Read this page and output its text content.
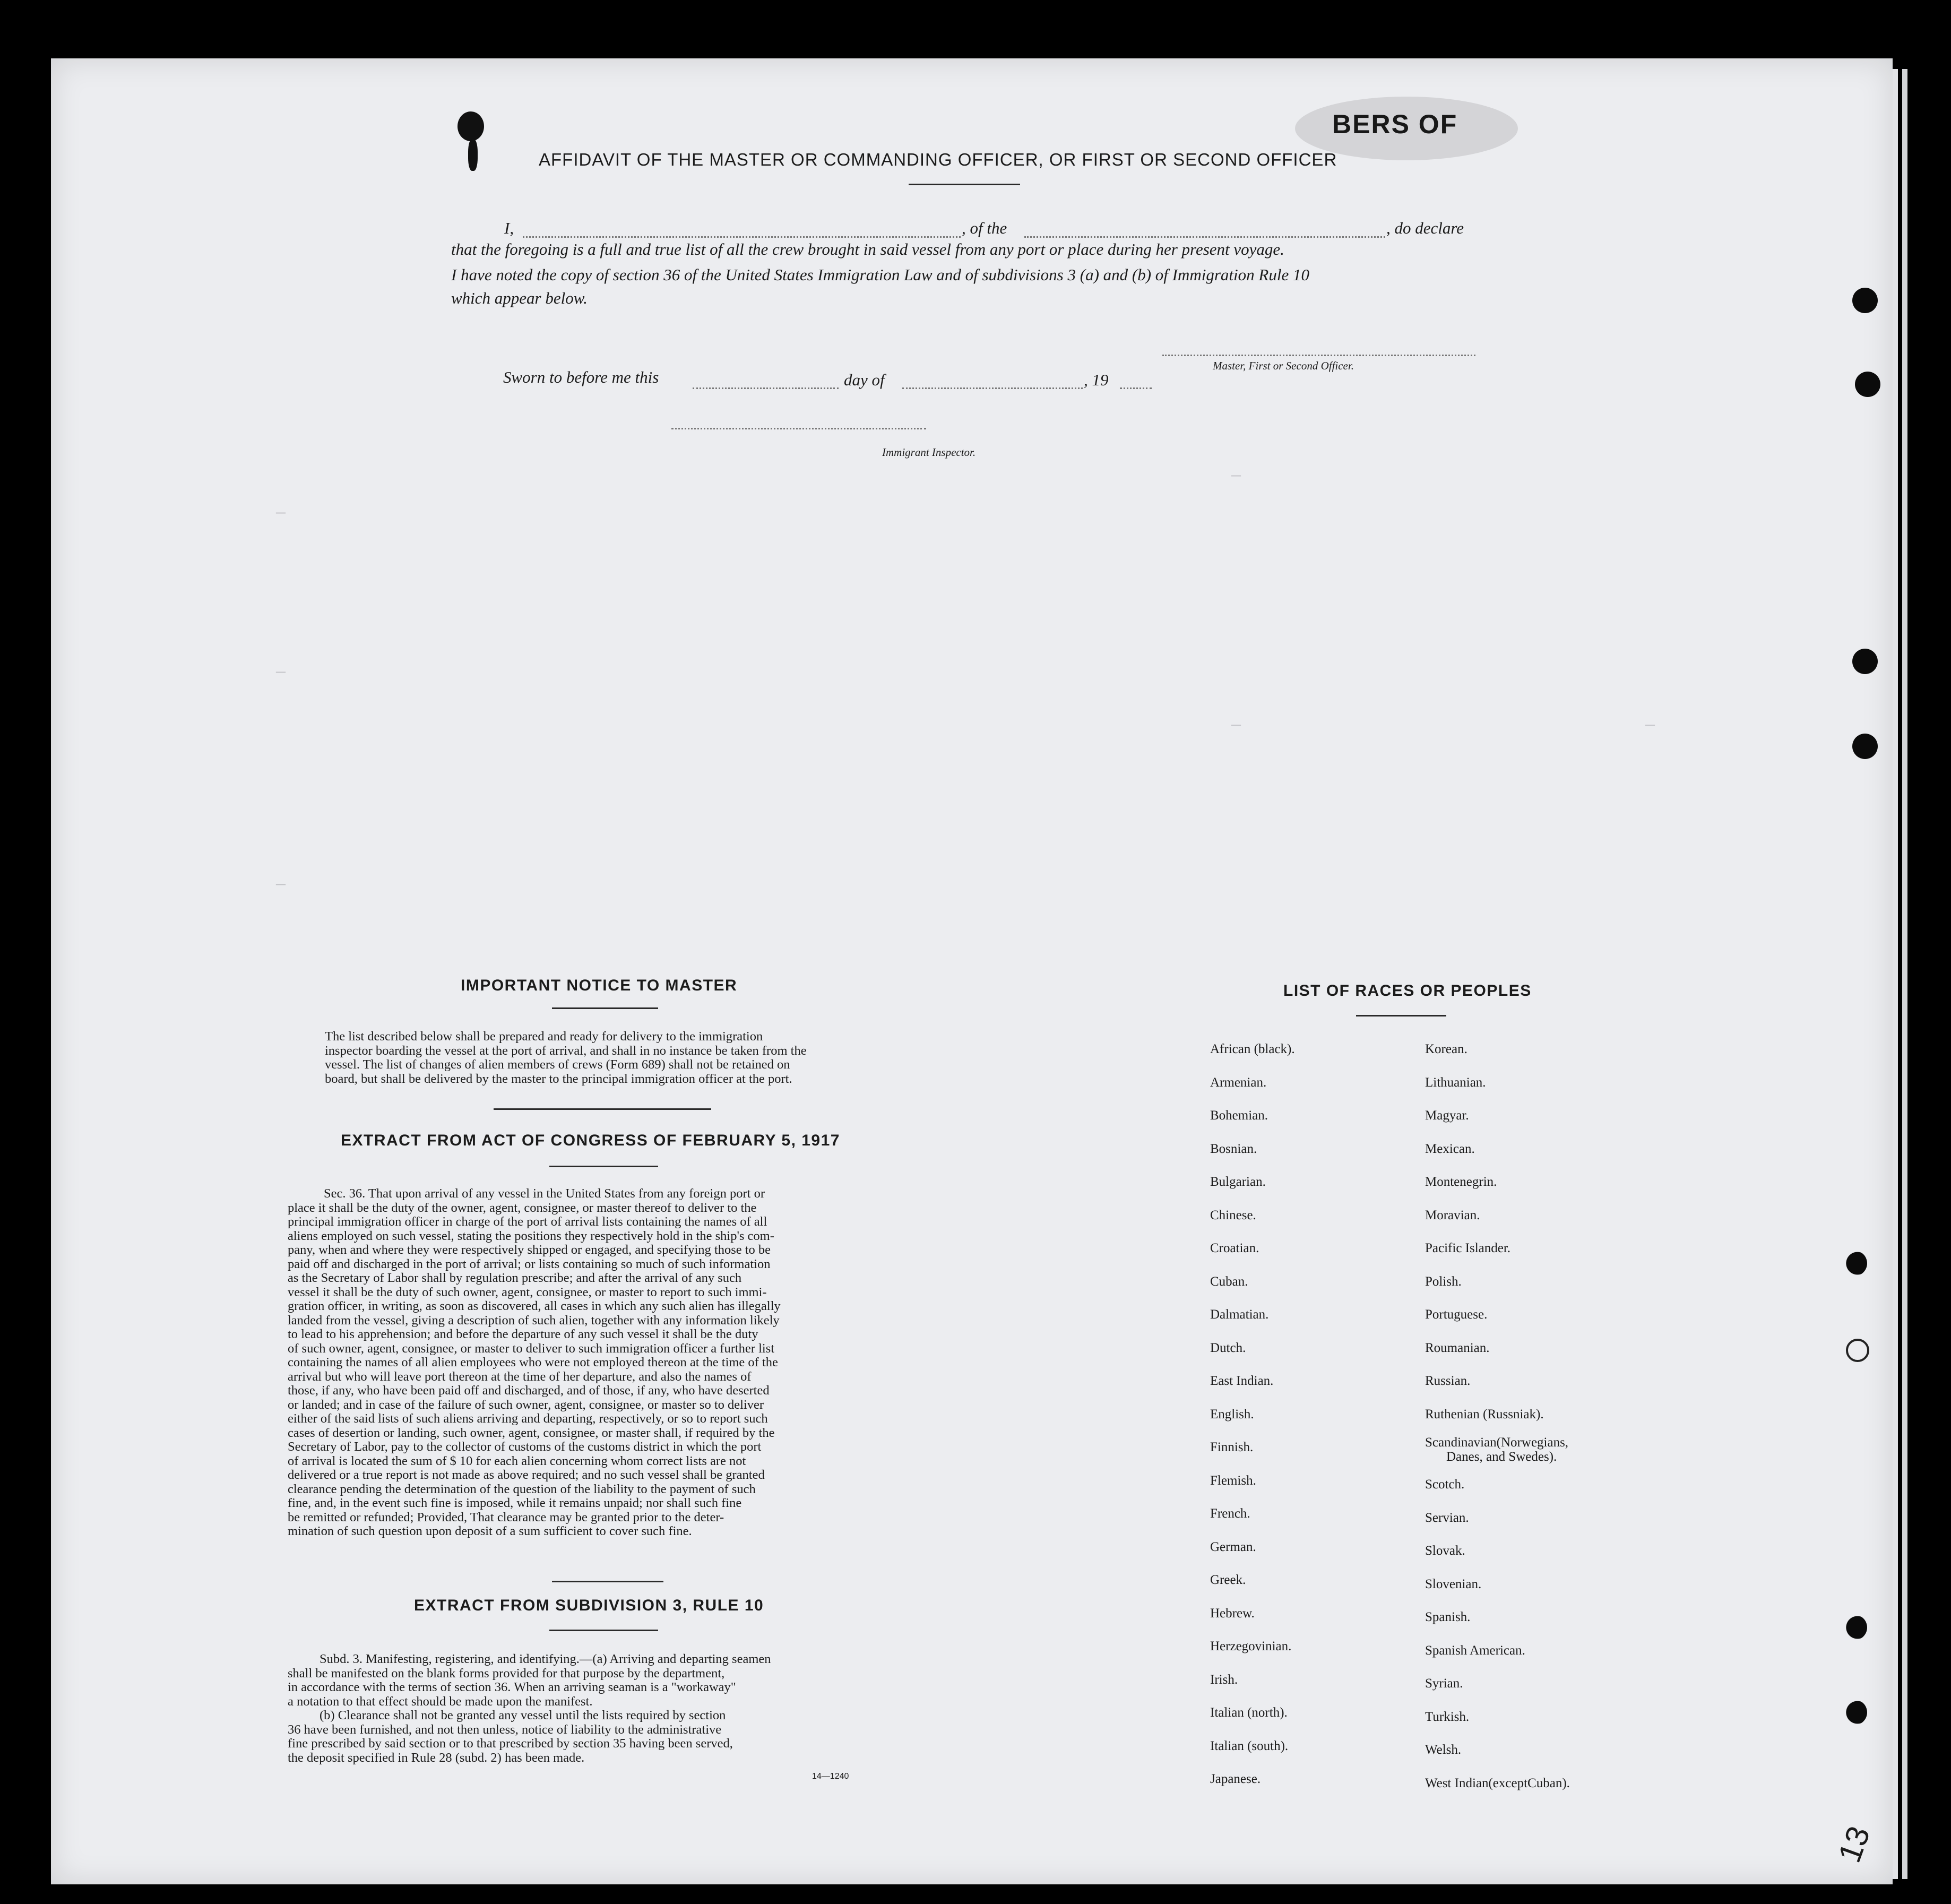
BERS OF
AFFIDAVIT OF THE MASTER OR COMMANDING OFFICER, OR FIRST OR SECOND OFFICER
I,	, of the	, do declare
that the foregoing is a full and true list of all the crew brought in said vessel from any port or place during her present voyage.
I have noted the copy of section 36 of the United States Immigration Law and of subdivisions 3 (a) and (b) of Immigration Rule 10
which appear below.
Master, First or Second Officer.
Sworn to before me this	day of	, 19
Immigrant Inspector.
—
—
—
—
—	—
IMPORTANT NOTICE TO MASTER
The list described below shall be prepared and ready for delivery to the immigration
inspector boarding the vessel at the port of arrival, and shall in no instance be taken from the
vessel. The list of changes of alien members of crews (Form 689) shall not be retained on
board, but shall be delivered by the master to the principal immigration officer at the port.
EXTRACT FROM ACT OF CONGRESS OF FEBRUARY 5, 1917
Sec. 36. That upon arrival of any vessel in the United States from any foreign port or
place it shall be the duty of the owner, agent, consignee, or master thereof to deliver to the
principal immigration officer in charge of the port of arrival lists containing the names of all
aliens employed on such vessel, stating the positions they respectively hold in the ship's com-
pany, when and where they were respectively shipped or engaged, and specifying those to be
paid off and discharged in the port of arrival; or lists containing so much of such information
as the Secretary of Labor shall by regulation prescribe; and after the arrival of any such
vessel it shall be the duty of such owner, agent, consignee, or master to report to such immi-
gration officer, in writing, as soon as discovered, all cases in which any such alien has illegally
landed from the vessel, giving a description of such alien, together with any information likely
to lead to his apprehension; and before the departure of any such vessel it shall be the duty
of such owner, agent, consignee, or master to deliver to such immigration officer a further list
containing the names of all alien employees who were not employed thereon at the time of the
arrival but who will leave port thereon at the time of her departure, and also the names of
those, if any, who have been paid off and discharged, and of those, if any, who have deserted
or landed; and in case of the failure of such owner, agent, consignee, or master so to deliver
either of the said lists of such aliens arriving and departing, respectively, or so to report such
cases of desertion or landing, such owner, agent, consignee, or master shall, if required by the
Secretary of Labor, pay to the collector of customs of the customs district in which the port
of arrival is located the sum of $ 10 for each alien concerning whom correct lists are not
delivered or a true report is not made as above required; and no such vessel shall be granted
clearance pending the determination of the question of the liability to the payment of such
fine, and, in the event such fine is imposed, while it remains unpaid; nor shall such fine
be remitted or refunded; Provided, That clearance may be granted prior to the deter-
mination of such question upon deposit of a sum sufficient to cover such fine.
EXTRACT FROM SUBDIVISION 3, RULE 10
Subd. 3. Manifesting, registering, and identifying.—(a) Arriving and departing seamen
shall be manifested on the blank forms provided for that purpose by the department,
in accordance with the terms of section 36. When an arriving seaman is a "workaway"
a notation to that effect should be made upon the manifest.
(b) Clearance shall not be granted any vessel until the lists required by section
36 have been furnished, and not then unless, notice of liability to the administrative
fine prescribed by said section or to that prescribed by section 35 having been served,
the deposit specified in Rule 28 (subd. 2) has been made.
14—1240
LIST OF RACES OR PEOPLES
African (black).
Armenian.
Bohemian.
Bosnian.
Bulgarian.
Chinese.
Croatian.
Cuban.
Dalmatian.
Dutch.
East Indian.
English.
Finnish.
Flemish.
French.
German.
Greek.
Hebrew.
Herzegovinian.
Irish.
Italian (north).
Italian (south).
Japanese.
Korean.
Lithuanian.
Magyar.
Mexican.
Montenegrin.
Moravian.
Pacific Islander.
Polish.
Portuguese.
Roumanian.
Russian.
Ruthenian (Russniak).
Scandinavian(Norwegians,
Danes, and Swedes).
Scotch.
Servian.
Slovak.
Slovenian.
Spanish.
Spanish American.
Syrian.
Turkish.
Welsh.
West Indian(exceptCuban).
13
